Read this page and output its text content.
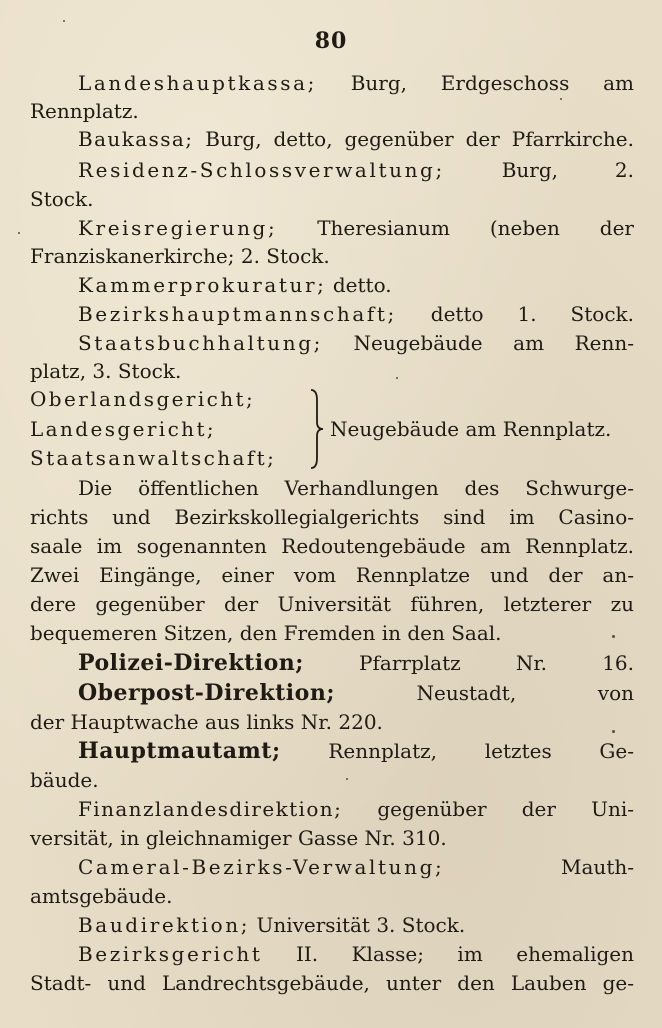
80
Landeshauptkassa; Burg, Erdgeschoss am
Rennplatz.
Baukassa; Burg, detto, gegenüber der Pfarrkirche.
Residenz-Schlossverwaltung; Burg, 2.
Stock.
Kreisregierung; Theresianum (neben der
Franziskanerkirche; 2. Stock.
Kammerprokuratur; detto.
Bezirkshauptmannschaft; detto 1. Stock.
Staatsbuchhaltung; Neugebäude am Renn-
platz, 3. Stock.
Oberlandsgericht;
Landesgericht;
Staatsanwaltschaft;
Neugebäude am Rennplatz.
Die öffentlichen Verhandlungen des Schwurge-
richts und Bezirkskollegialgerichts sind im Casino-
saale im sogenannten Redoutengebäude am Rennplatz.
Zwei Eingänge, einer vom Rennplatze und der an-
dere gegenüber der Universität führen, letzterer zu
bequemeren Sitzen, den Fremden in den Saal.
Polizei-Direktion; Pfarrplatz Nr. 16.
Oberpost-Direktion; Neustadt, von
der Hauptwache aus links Nr. 220.
Hauptmautamt; Rennplatz, letztes Ge-
bäude.
Finanzlandesdirektion; gegenüber der Uni-
versität, in gleichnamiger Gasse Nr. 310.
Cameral-Bezirks-Verwaltung; Mauth-
amtsgebäude.
Baudirektion; Universität 3. Stock.
Bezirksgericht II. Klasse; im ehemaligen
Stadt- und Landrechtsgebäude, unter den Lauben ge-
